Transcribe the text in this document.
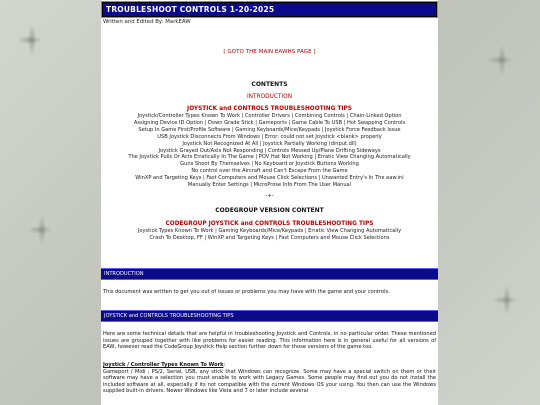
TROUBLESHOOT CONTROLS 1-20-2025
Written and Edited By: MarkEAW
[ GOTO THE MAIN EAWHS PAGE ]
CONTENTS
INTRODUCTION
JOYSTICK and CONTROLS TROUBLESHOOTING TIPS
Joystick/Controller Types Known To Work | Controller Drivers | Combining Controls | Chain-Linked Option
Assigning Device ID Option | Down Grade Stick | Gameports | Game Cable To USB | Hot Swapping Controls
Setup In Game First/Profile Software | Gaming Keyboards/Mice/Keypads | Joystick Force Feedback Issue
USB Joystick Disconnects From Windows | Error: could not set Joystick <blank> properly
Joystick Not Recognized At All | Joystick Partially Working (dinput.dll)
Joystick Grayed Out/Axis Not Responding | Controls Messed Up/Plane Drifting Sideways
The Joystick Pulls Or Acts Erratically In The Game | POV Hat Not Working | Erratic View Changing Automatically
Guns Shoot By Themselves | No Keyboard or Joystick Buttons Working
No control over the Aircraft and Can't Escape From the Game
WinXP and Targeting Keys | Fast Computers and Mouse Click Selections | Unwanted Entry's In The eaw.ini
Manually Enter Settings | MicroProse Info From The User Manual
-+-
CODEGROUP VERSION CONTENT
CODEGROUP JOYSTICK and CONTROLS TROUBLESHOOTING TIPS
Joystick Types Known To Work | Gaming Keyboards/Mice/Keypads | Erratic View Changing Automatically
Crash To Desktop, FF | WinXP and Targeting Keys | Fast Computers and Mouse Click Selections
INTRODUCTION
This document was written to get you out of issues or problems you may have with the game and your controls.
JOYSTICK and CONTROLS TROUBLESHOOTING TIPS
Here are some technical details that are helpful in troubleshooting Joystick and Controls, in no particular order. These mentioned issues are grouped together with like problems for easier reading. This information here is in general useful for all versions of EAW, however read the CodeGroup Joystick Help section further down for those versions of the game too.
Joystick / Controller Types Known To Work:
Gameport / Midi , PS/2, Serial, USB, any stick that Windows can recognize. Some may have a special switch on them or their software may have a selection you must enable to work with Legacy Games. Some people may find out you do not install the included software at all, especially if its not compatible with the current Windows OS your using. You then can use the Windows supplied built-in drivers. Newer Windows like Vista and 7 or later include several
